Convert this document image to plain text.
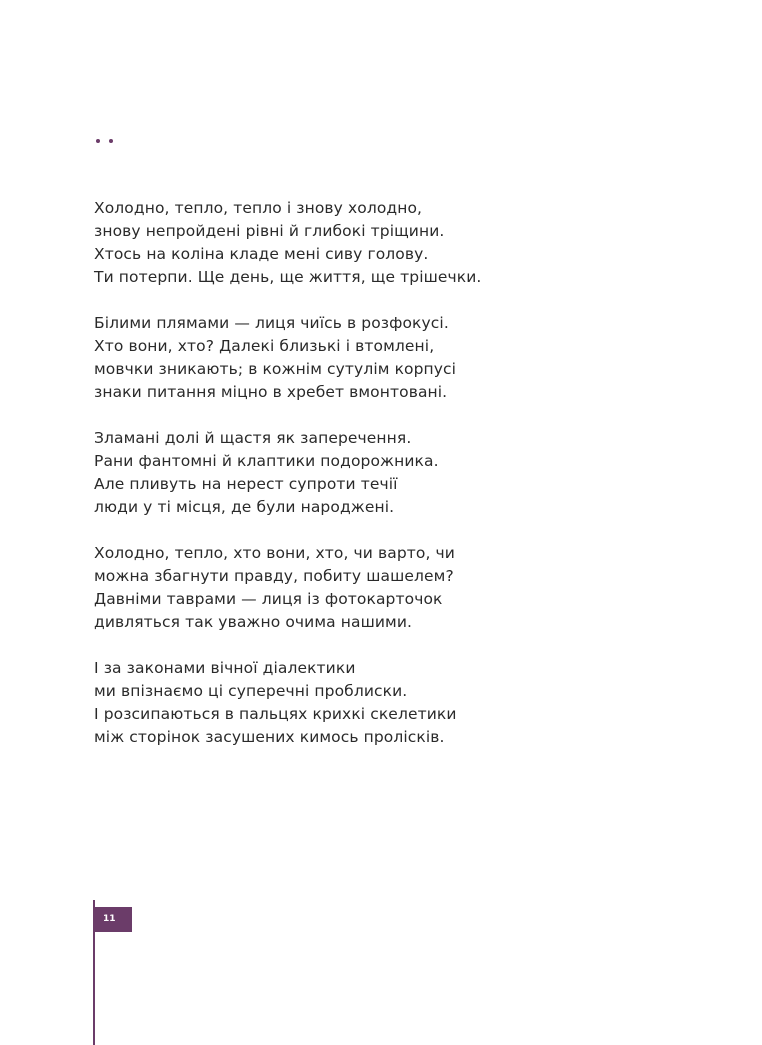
Холодно, тепло, тепло і знову холодно,
знову непройдені рівні й глибокі тріщини.
Хтось на коліна кладе мені сиву голову.
Ти потерпи. Ще день, ще життя, ще трішечки.
Білими плямами — лиця чиїсь в розфокусі.
Хто вони, хто? Далекі близькі і втомлені,
мовчки зникають; в кожнім сутулім корпусі
знаки питання міцно в хребет вмонтовані.
Зламані долі й щастя як заперечення.
Рани фантомні й клаптики подорожника.
Але пливуть на нерест супроти течії
люди у ті місця, де були народжені.
Холодно, тепло, хто вони, хто, чи варто, чи
можна збагнути правду, побиту шашелем?
Давніми таврами — лиця із фотокарточок
дивляться так уважно очима нашими.
І за законами вічної діалектики
ми впізнаємо ці суперечні проблиски.
І розсипаються в пальцях крихкі скелетики
між сторінок засушених кимось пролісків.
11
